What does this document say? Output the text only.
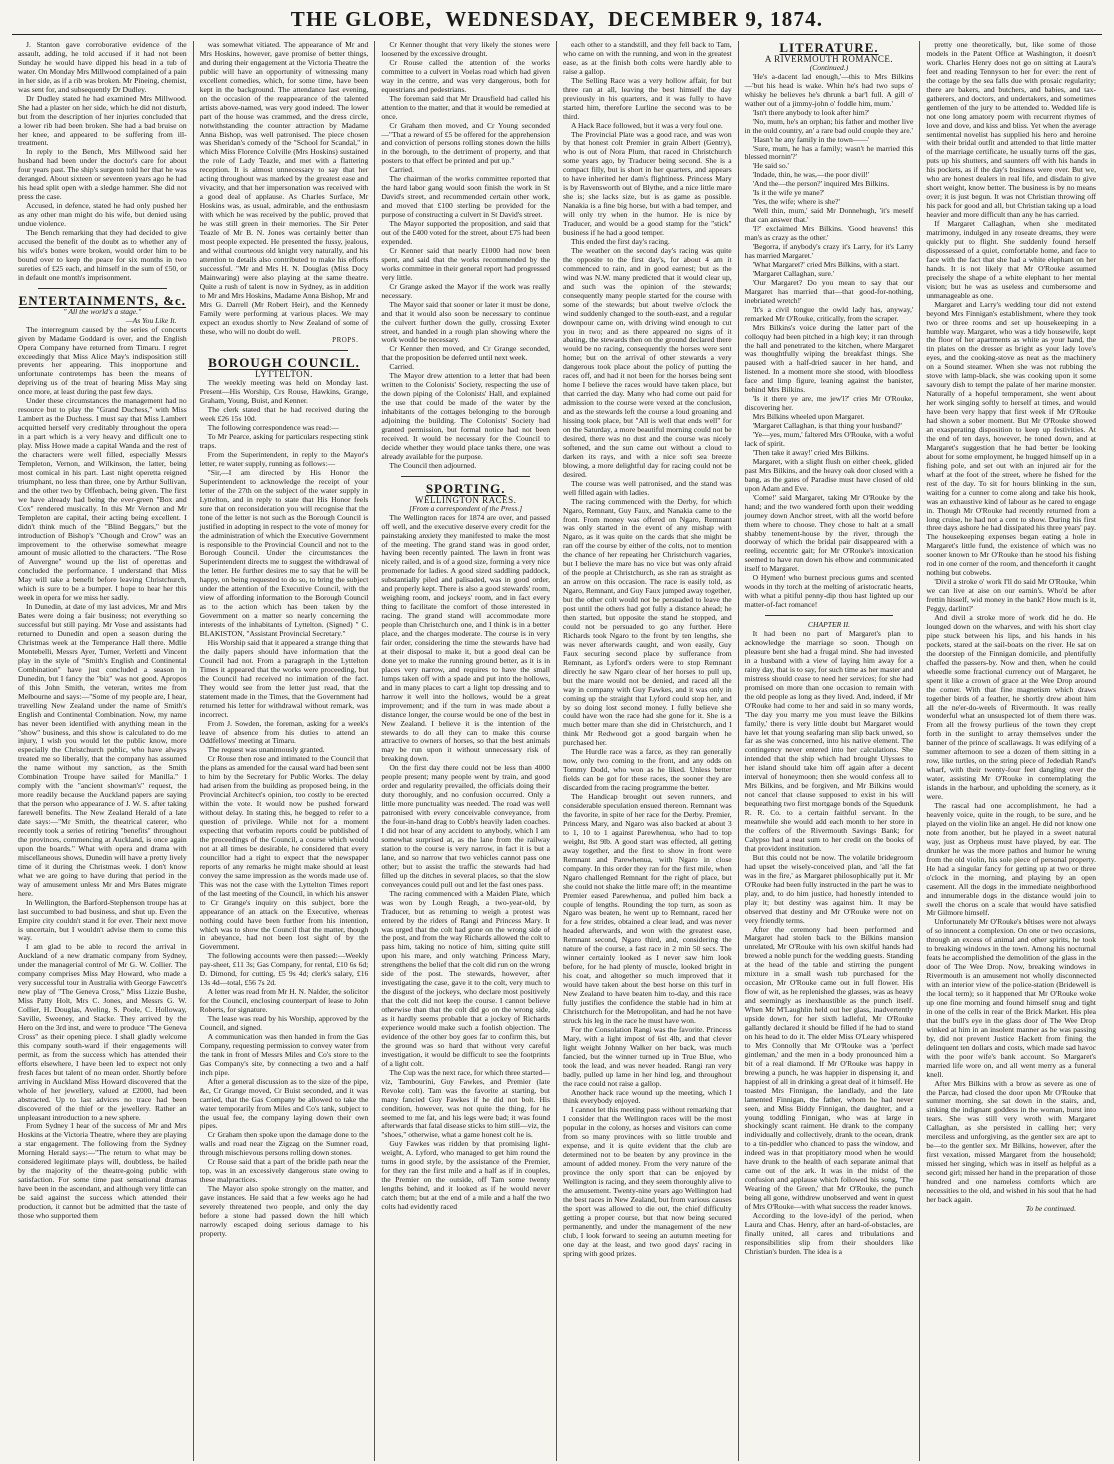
THE GLOBE,
WEDNESDAY,
DECEMBER 9, 1874.

J. Stanton gave corroborative evidence of the assault, adding, he told accused if it had not been Sunday he would have dipped his head in a tub of water. On Monday Mrs Millwood complained of a pain in her side, as if a rib was broken. Mr Pineing, chemist, was sent for, and subsequently Dr Dudley.

Dr Dudley stated he had examined Mrs Millwood. She had a plaster on her side, which he did not disturb, but from the description of her injuries concluded that a lower rib had been broken. She had a bad bruise on her knee, and appeared to be suffering from ill-treatment.

In reply to the Bench, Mrs Millwood said her husband had been under the doctor's care for about four years past. The ship's surgeon told her that he was deranged. About sixteen or seventeen years ago he had his head split open with a sledge hammer. She did not press the case.

Accused, in defence, stated he had only pushed her as any other man might do his wife, but denied using undue violence.

The Bench remarking that they had decided to give accused the benefit of the doubt as to whether any of his wife's bones were broken, would order him to be bound over to keep the peace for six months in two sureties of £25 each, and himself in the sum of £50, or in default one month's imprisonment.

ENTERTAINMENTS, &c.

" All the world's a stage."

—As You Like It.

The interregnum caused by the series of concerts given by Madame Goddard is over, and the English Opera Company have returned from Timaru. I regret exceedingly that Miss Alice May's indisposition still prevents her appearing. This inopportune and unfortunate contretemps has been the means of depriving us of the treat of hearing Miss May sing once more, at least during the past few days.

Under these circumstances the management had no resource but to play the "Grand Duchess," with Miss Lambert as the Duchess. I must say that Miss Lambert acquitted herself very creditably throughout the opera in a part which is a very heavy and difficult one to play. Miss Howe made a capital Wanda and the rest of the characters were well filled, especially Messrs Templeton, Vernon, and Wilkinson, the latter, being most comical in his part. Last night operetta reigned triumphant, no less than three, one by Arthur Sullivan, and the other two by Offenbach, being given. The first we have already had being the ever-green "Box and Cox" rendered musically. In this Mr Vernon and Mr Templeton are capital, their acting being excellent. I didn't think much of the "Blind Beggars," but the introduction of Bishop's "Chough and Crow" was an improvement to the otherwise somewhat meagre amount of music allotted to the characters. "The Rose of Auvergne" wound up the list of operettas and concluded the performance. I understand that Miss May will take a benefit before leaving Christchurch, which is sure to be a bumper. I hope to hear her this week in opera for we miss her sadly.

In Dunedin, at date of my last advices, Mr and Mrs Bates were doing a fair business; not everything so successful but still paying. Mr Vose and assistants had returned to Dunedin and open a season during the Christmas week at the Temperance Hall there. Mdlle Montebelli, Messrs Ayer, Turner, Verletti and Vincent play in the style of "Smith's English and Continental Combination" have just concluded a season in Dunedin, but I fancy the "biz" was not good. Apropos of this John Smith, the veteran, writes me from Melbourne and says:—"Some of my people are, I hear, travelling New Zealand under the name of Smith's English and Continental Combination. Now, my name has never been identified with anything mean in the "show" business, and this show is calculated to do me injury, I wish you would let the public know, more especially the Christchurch public, who have always treated me so liberally, that the company has assumed the name without my sanction, as the Smith Combination Troupe have sailed for Manilla." I comply with the "ancient showman's" request, the more readily because the Auckland papers are saying that the person who appearance of J. W. S. after taking farewell benefits. The New Zealand Herald of a late date says:—"Mr Smith, the theatrical caterer, who recently took a series of retiring "benefits" throughout the provinces, commencing at Auckland, is once again upon the boards." What with opera and drama with miscellaneous shows, Dunedin will have a pretty lively time of it during the Christmas week. I don't know what we are going to have during that period in the way of amusement unless Mr and Mrs Bates migrate here.

In Wellington, the Barford-Stephenson troupe has at last succumbed to bad business, and shut up. Even the Empire city couldn't stand it for ever. Their next move is uncertain, but I wouldn't advise them to come this way.

I am glad to be able to record the arrival in Auckland of a new dramatic company from Sydney, under the managerial control of Mr G. W. Collier. The company comprises Miss May Howard, who made a very successful tour in Australia with George Fawcett's new play of "The Geneva Cross," Miss Lizzie Bushe, Miss Patty Holt, Mrs C. Jones, and Messrs G. W. Collier, H. Douglas, Aveling, S. Poole, C. Holloway, Saville, Sweeney, and Stacke. They arrived by the Hero on the 3rd inst, and were to produce "The Geneva Cross" as their opening piece. I shall gladly welcome this company south-ward if their engagements will permit, as from the success which has attended their efforts elsewhere, I have been led to expect not only fresh faces but talent of no mean order. Shortly before arriving in Auckland Miss Howard discovered that the whole of her jewellery, valued at £2000, had been abstracted. Up to last advices no trace had been discovered of the thief or the jewellery. Rather an unpleasant introduction to a new sphere.

From Sydney I hear of the success of Mr and Mrs Hoskins at the Victoria Theatre, where they are playing a star engagement. The following from the Sydney Morning Herald says:—"The return to what may be considered legitimate plays will, doubtless, be hailed by the majority of the theatre-going public with satisfaction. For some time past sensational dramas have been in the ascendant, and although very little can be said against the success which attended their production, it cannot but be admitted that the taste of those who supported them

was somewhat vitiated. The appearance of Mr and Mrs Hoskins, however, gave promise of better things, and during their engagement at the Victoria Theatre the public will have an opportunity of witnessing many excellent comedies, which, for some time, have been kept in the background. The attendance last evening, on the occasion of the reappearance of the talented artists above-named, was very good indeed. The lower part of the house was crammed, and the dress circle, notwithstanding the counter attraction by Madame Anna Bishop, was well patronised. The piece chosen was Sheridan's comedy of the "School for Scandal," in which Miss Florence Colville (Mrs Hoskins) sustained the role of Lady Teazle, and met with a flattering reception. It is almost unnecessary to say that her acting throughout was marked by the greatest ease and vivacity, and that her impersonation was received with a good deal of applause. As Charles Surface, Mr Hoskins was, as usual, admirable, and the enthusiasm with which he was received by the public, proved that he was still green in their memories. The Sir Peter Teazle of Mr B. N. Jones was certainly better than most people expected. He presented the fussy, jealous, and withal courteous old knight very naturally, and his attention to details also contributed to make his efforts successful. "Mr and Mrs H. N. Douglas (Miss Docy Mainwaring) were also playing at the same theatre. Quite a rush of talent is now in Sydney, as in addition to Mr and Mrs Hoskins, Madame Anna Bishop, Mr and Mrs G. Darrell (Mr Robert Heir), and the Kennedy Family were performing at various places. We may expect an exodus shortly to New Zealand of some of these, who will no doubt do well.

PROPS.

BOROUGH COUNCIL.

LYTTELTON.

The weekly meeting was held on Monday last. Present—His Worship, Crs Rouse, Hawkins, Grange, Graham, Young, Buist, and Kenner.

The clerk stated that he had received during the week £26 15s 10d.

The following correspondence was read:—

To Mr Pearce, asking for particulars respecting stink traps.

From the Superintendent, in reply to the Mayor's letter, re water supply, running as follows:—

"Sir,—I am directed by His Honor the Superintendent to acknowledge the receipt of your letter of the 27th on the subject of the water supply in Lyttelton, and in reply to state that His Honor feels sure that on reconsideration you will recognise that the tone of the letter is not such as the Borough Council is justified in adopting in respect to the vote of money for the administration of which the Executive Government is responsible to the Provincial Council and not to the Borough Council. Under the circumstances the Superintendent directs me to suggest the withdrawal of the letter. He further desires me to say that he will be happy, on being requested to do so, to bring the subject under the attention of the Executive Council, with the view of affording information to the Borough Council as to the action which has been taken by the Government on a matter so nearly concerning the interests of the inhabitants of Lyttelton. (Signed) " C. BLAKISTON, "Assistant Provincial Secretary."

His Worship said that it appeared a strange thing that the daily papers should have information that the Council had not. From a paragraph in the Lyttelton Times it appeared that the works were proceeding, but the Council had received no intimation of the fact. They would see from the letter just read, that the statement made in the Times, that the Government had returned his letter for withdrawal without remark, was incorrect.

From J. Sowden, the foreman, asking for a week's leave of absence from his duties to attend an Oddfellows' meeting at Timaru.

The request was unanimously granted.

Cr Rouse then rose and intimated to the Council that the plans as amended for the causal ward had been sent to him by the Secretary for Public Works. The delay had arisen from the building as proposed being, in the Provincial Architect's opinion, too costly to be erected within the vote. It would now be pushed forward without delay. In stating this, he begged to refer to a question of privilege. While not for a moment expecting that verbatim reports could be published of the proceedings of the Council, a course which would not at all times be desirable, he considered that every councillor had a right to expect that the newspaper reports of any remarks he might make should at least convey the same impression as the words made use of. This was not the case with the Lyttelton Times report of the last meeting of the Council, in which his answer to Cr Grange's inquiry on this subject, bore the appearance of an attack on the Executive, whereas nothing could have been further from his intention, which was to show the Council that the matter, though in abeyance, had not been lost sight of by the Government.

The following accounts were then passed:—Weekly pay-sheet, £11 3s; Gas Company, for rental, £10 6s 6d; D. Dimond, for cutting, £5 9s 4d; clerk's salary, £16 13s 4d—total, £56 7s 2d.

A letter was read from Mr H. N. Nalder, the solicitor for the Council, enclosing counterpart of lease to John Roberts, for signature.

The lease was read by his Worship, approved by the Council, and signed.

A communication was then handed in from the Gas Company, requesting permission to convey water from the tank in front of Messrs Miles and Co's store to the Gas Company's site, by connecting a two and a half inch pipe.

After a general discussion as to the size of the pipe, &c, Cr Grange moved, Cr Buist seconded, and it was carried, that the Gas Company be allowed to take the water temporarily from Miles and Co's tank, subject to the usual fee, the company laying down their own pipes.

Cr Graham then spoke upon the damage done to the walls and road near the Zigzag on the Sumner road, through mischievous persons rolling down stones.

Cr Rouse said that a part of the bridle path near the top, was in an excessively dangerous state owing to these malpractices.

The Mayor also spoke strongly on the matter, and gave instances. He said that a few weeks ago he had severely threatened two people, and only the day before a stone had passed down the hill which narrowly escaped doing serious damage to his property.

Cr Kenner thought that very likely the stones were loosened by the excessive drought.

Cr Rouse called the attention of the works committee to a culvert in Voelas road which had given way in the centre, and was very dangerous, both for equestrians and pedestrians.

The foreman said that Mr Drausfield had called his attention to the matter, and that it would be remedied at once.

Cr Graham then moved, and Cr Young seconded—"That a reward of £5 be offered for the apprehension and conviction of persons rolling stones down the hills in the borough, to the detriment of property, and that posters to that effect be printed and put up."

Carried.

The chairman of the works committee reported that the hard labor gang would soon finish the work in St David's street, and recommended certain other work, and moved that £100 sterling be provided for the purpose of constructing a culvert in St David's street.

The Mayor supported the proposition, and said that out of the £400 voted for the street, about £75 had been expended.

Cr Kenner said that nearly £1000 had now been spent, and said that the works recommended by the works committee in their general report had progressed very little.

Cr Grange asked the Mayor if the work was really necessary.

The Mayor said that sooner or later it must be done, and that it would also soon be necessary to continue the culvert further down the gully, crossing Exeter street, and handed in a rough plan showing where the work would be necessary.

Cr Kenner then moved, and Cr Grange seconded, that the proposition be deferred until next week.

Carried.

The Mayor drew attention to a letter that had been written to the Colonists' Society, respecting the use of the down piping of the Colonists' Hall, and explained the use that could be made of the water by the inhabitants of the cottages belonging to the borough adjoining the building. The Colonists' Society had granted permission, but formal notice had not been received. It would be necessary for the Council to decide whether they would place tanks there, one was already available for the purpose.

The Council then adjourned.

SPORTING.

WELLINGTON RACES.

[From a correspondent of the Press.]

The Wellington races for 1874 are over, and passed off well, and the executive deserve every credit for the painstaking anxiety they manifested to make the most of the meeting. The grand stand was in good order, having been recently painted. The lawn in front was nicely railed, and is of a good size, forming a very nice promenade for ladies. A good sized saddling paddock, substantially piled and palisaded, was in good order, and properly kept. There is also a good stewards' room, weighing room, and jockeys' room, and in fact every thing to facilitate the comfort of those interested in racing. The grand stand will accommodate more people than Christchurch one, and I think is in a better place, and the charges moderate. The course is in very fair order, considering the time the stewards have had at their disposal to make it, but a good deal can be done yet to make the running ground better, as it is in places very narrow, and requires to have the small lumps taken off with a spade and put into the hollows, and in many places to cart a light top dressing and to harrow it well into the hollows, would be a great improvement; and if the turn in was made about a distance longer, the course would be one of the best in New Zealand. I believe it is the intention of the stewards to do all they can to make this course attractive to owners of horses, so that the best animals may be run upon it without unnecessary risk of breaking down.

On the first day there could not be less than 4000 people present; many people went by train, and good order and regularity prevailed, the officials doing their duty thoroughly, and no confusion occurred. Only a little more punctuality was needed. The road was well patronised with every conceivable conveyance, from the four-in-hand drag to Cobb's heavily laden coaches. I did not hear of any accident to anybody, which I am somewhat surprised at, as the lane from the railway station to the course is very narrow, in fact it is but a lane, and so narrow that two vehicles cannot pass one other; but to assist the traffic the stewards had had filled up the ditches in several places, so that the slow conveyances could pull out and let the fast ones pass.

The racing commenced with a Maiden Plate, which was won by Lough Reagh, a two-year-old, by Traducer, but as returning to weigh a protest was entered by the riders of Rangi and Princess Mary. It was urged that the colt had gone on the wrong side of the post, and from the way Richards allowed the colt to pass him, taking no notice of him, sitting quite still upon his mare, and only watching Princess Mary, strengthens the belief that the colt did run on the wrong side of the post. The stewards, however, after investigating the case, gave it to the colt, very much to the disgust of the jockeys, who declare most positively that the colt did not keep the course. I cannot believe otherwise than that the colt did go on the wrong side, as it hardly seems probable that a jockey of Richards experience would make such a foolish objection. The evidence of the other boy goes far to confirm this, but the ground was so hard that without very careful investigation, it would be difficult to see the footprints of a light colt.

The Cup was the next race, for which three started—viz, Tambourini, Guy Fawkes, and Premier (late Revoke colt). Tam was the favorite at starting, but many fancied Guy Fawkes if he did not bolt. His condition, however, was not quite the thing, for he seemed to me fat, and his legs were bad; it was found afterwards that fatal disease sticks to him still—viz, the "shoes," otherwise, what a game honest colt he is.

Guy Fawkes was ridden by that promising light-weight, A. Lyford, who managed to get him round the turns in good style, by the assistance of the Premier, for they ran the first mile and a half as if in couples, the Premier on the outside, off Tam some twenty lengths behind, and it looked as if he would never catch them; but at the end of a mile and a half the two colts had evidently raced

each other to a standstill, and they fell back to Tam, who came on with the running, and won in the greatest ease, as at the finish both colts were hardly able to raise a gallop.

The Selling Race was a very hollow affair, for but three ran at all, leaving the best himself the day previously in his quarters, and it was fully to have started him, therefore Lurline the second was to be third.

A Hack Race followed, but it was a very foul one.

The Provincial Plate was a good race, and was won by that honest colt Premier in grain Albert (Gentry), who is out of Nora Plum, that raced in Christchurch some years ago, by Traducer being second. She is a compact filly, but is short in her quarters, and appears to have inherited her dam's flightiness. Princess Mary is by Ravensworth out of Blythe, and a nice little mare she is; she lacks size, but is as game as possible. Nanakia is a fine big horse, but with a bad temper, and will only try when in the humor. He is nice by Traducer, and would be a good stamp for the "stick" business if he had a good temper.

This ended the first day's racing.

The weather on the second day's racing was quite the opposite to the first day's, for about 4 am it commenced to rain, and in good earnest; but as the wind was N.W. many predicted that it would clear up, and such was the opinion of the stewards; consequently many people started for the course with some of the stewards; but about twelve o'clock the wind suddenly changed to the south-east, and a regular downpour came on, with driving wind enough to cut you in two; and as there appeared no signs of it abating, the stewards then on the ground declared there would be no racing, consequently the horses were sent home; but on the arrival of other stewards a very dangerous took place about the policy of putting the races off, and had it not been for the horses being sent home I believe the races would have taken place, but that carried the day. Many who had come out paid for admission to the course were vexed at the conclusion, and as the stewards left the course a loud groaning and hissing took place, but "All is well that ends well" for on the Saturday, a more beautiful morning could not be desired, there was no dust and the course was nicely softened, and the sun came out without a cloud to darken its rays, and with a nice soft sea breeze blowing, a more delightful day for racing could not be desired.

The course was well patronised, and the stand was well filled again with ladies.

The racing commenced with the Derby, for which Ngaro, Remnant, Guy Faux, and Nanakia came to the front. From money was offered on Ngaro, Remnant was only started in the event of any mishap with Ngaro, as it was quite on the cards that she might be ran off the course by either of the colts, not to mention the chance of her repeating her Christchurch vagaries, but I believe the mare has no vice but was only afraid of the people at Christchurch, as she ran as straight as an arrow on this occasion. The race is easily told, as Ngaro, Remnant, and Guy Faux jumped away together, but the other colt would not be persuaded to leave the post until the others had got fully a distance ahead; he then started, but opposite the stand he stopped, and could not be persuaded to go any further. Here Richards took Ngaro to the front by ten lengths, she was never afterwards caught, and won easily, Guy Faux securing second place by sufferance from Remnant, as Lyford's orders were to stop Remnant directly he saw Ngaro clear of her horses to pull up, but the mare would not be denied, and raced all the way in company with Guy Fawkes, and it was only in coming up the straight that Lyford could stop her, and by so doing lost second money. I fully believe she could have won the race had she gone for it. She is a much better mare than she did in Christchurch, and I think Mr Redwood got a good bargain when he purchased her.

The Hurdle race was a farce, as they ran generally now, only two coming to the front, and any odds on Tommy Dodd, who won as he liked. Unless better fields can be got for these races, the sooner they are discarded from the racing programme the better.

The Handicap brought out seven runners, and considerable speculation ensued thereon. Remnant was the favorite, in spite of her race for the Derby. Premier, Princess Mary, and Ngaro was also backed at about 3 to 1, 10 to 1 against Parewhenua, who had to top weight, 8st 9lb. A good start was effected, all getting away together, and the first to show in front were Remnant and Parewhenua, with Ngaro in close company. In this order they ran for the first mile, when Ngaro challenged Remnant for the right of place, but she could not shake the little mare off; in the meantime Premier eased Parewhenua, and pulled him back a couple of lengths. Rounding the top turn, as soon as Ngaro was beaten, he went up to Remnant, raced her for a few strides, obtained a clear lead, and was never headed afterwards, and won with the greatest ease, Remnant second, Ngaro third, and, considering the nature of the course, a fast race in 2 min 50 secs. The winner certainly looked as I never saw him look before, for he had plenty of muscle, looked bright in his coat, and altogether so much improved that it would have taken about the best horse on this turf in New Zealand to have beaten him to-day, and this race fully justifies the confidence the stable had in him at Christchurch for the Metropolitan, and had he not have struck his leg in the race he must have won.

For the Consolation Rangi was the favorite. Princess Mary, with a light impost of 6st 4lb, and that clever light weight Johnny Walker on her back, was much fancied, but the winner turned up in True Blue, who took the lead, and was never headed. Rangi ran very badly, pulled up lame in her hind leg, and throughout the race could not raise a gallop.

Another hack race wound up the meeting, which I think everybody enjoyed.

I cannot let this meeting pass without remarking that I consider that the Wellington races will be the most popular in the colony, as horses and visitors can come from so many provinces with so little trouble and expense, and it is quite evident that the club are determined not to be beaten by any province in the amount of added money. From the very nature of the province the only sport that can be enjoyed by Wellington is racing, and they seem thoroughly alive to the amusement. Twenty-nine years ago Wellington had the best races in New Zealand, but from various causes the sport was allowed to die out, the chief difficulty getting a proper course, but that now being secured permanently, and under the management of the new club, I look forward to seeing an autumn meeting for one day at the least, and two good days' racing in spring with good prizes.

LITERATURE.

A RIVERMOUTH ROMANCE.

(Continued.)

'He's a-dacent lad enough,'—this to Mrs Bilkins—'but his head is wake. Whin he's had two sups o' whisky he believes he's dhrunk a bar'l full. A gill o' wather out of a jimmy-john o' foddle him, mum.'

'Isn't there anybody to look after him?'

'No, mum, he's an orphan; his father and mother live in the ould country, an' a rare bad ould couple they are.'

'Hasn't he any family in the town——'

'Sure, mum, he has a family; wasn't he married this blessed mornin'?'

'He said so.'

'Indade, thin, he was,—the poor divil!'

'And the—the person?' inquired Mrs Bilkins.

'Is it the wife ye mane?'

'Yes, the wife; where is she?'

'Well thin, mum,' said Mr Donnehugh, 'it's meself that can answer that.'

'I?' exclaimed Mrs Bilkins. 'Good heavens! this man's as crazy as the other.'

'Begorra, if anybody's crazy it's Larry, for it's Larry has married Margaret.'

'What Margaret?' cried Mrs Bilkins, with a start.

'Margaret Callaghan, sure.'

'Our Margaret? Do you mean to say that our Margaret has married that—that good-for-nothing, inebriated wretch!'

'It's a civil tongue the owld lady has, anyway,' remarked Mr O'Rouke, critically, from the scraper.

Mrs Bilkins's voice during the latter part of the colloquy had been pitched in a high key; it ran through the hall and penetrated to the kitchen, where Margaret was thoughtfully wiping the breakfast things. She paused with a half-dried saucer in her hand, and listened. In a moment more she stood, with bloodless face and limp figure, leaning against the banister, behind Mrs Bilkins.

'Is it there ye are, me jew'l?' cries Mr O'Rouke, discovering her.

Mrs Bilkins wheeled upon Margaret.

'Margaret Callaghan, is that thing your husband?'

'Ye—yes, mum,' faltered Mrs O'Rouke, with a woful lack of spirit.

'Then take it away!' cried Mrs Bilkins.

Margaret, with a slight flush on either cheek, glided past Mrs Bilkins, and the heavy oak door closed with a bang, as the gates of Paradise must have closed of old upon Adam and Eve.

'Come!' said Margaret, taking Mr O'Rouke by the hand; and the two wandered forth upon their wedding journey down Anchor street, with all the world before them where to choose. They chose to halt at a small shabby tenement-house by the river, through the doorway of which the bridal pair disappeared with a reeling, eccentric gait; for Mr O'Rouke's intoxication seemed to have run down his elbow and communicated itself to Margaret.

O Hymen! who burnest precious gums and scented woods in thy torch at the melting of aristocratic hearts, with what a pitiful penny-dip thou hast lighted up our matter-of-fact romance!

CHAPTER II.

It had been no part of Margaret's plan to acknowledge the marriage so soon. Though on pleasure bent she had a frugal mind. She had invested in a husband with a view of laying him away for a rainy day, that is to say, for such time as her master and mistress should cease to need her services; for she had promised on more than one occasion to remain with the old people as long as they lived. And, indeed, if Mr O'Rouke had come to her and said in so many words, 'The day you marry me you must leave the Bilkins family,' there is very little doubt but Margaret would have let that young seafaring man slip back unwed, so far as she was concerned, into his native element. The contingency never entered into her calculations. She intended that the ship which had brought Ulysses to her island should take him off again after a decent interval of honeymoon; then she would confess all to Mrs Bilkins, and be forgiven, and Mr Bilkins would not cancel that clause supposed to exist in his will bequeathing two first mortgage bonds of the Squedunk R. R. Co. to a certain faithful servant. In the meanwhile she would add each month to her store in the coffers of the Rivermouth Savings Bank; for Calypso had a neat sum to her credit on the books of that provident institution.

But this could not be now. The volatile bridegroom had upset the wisely-conceived plan, and 'all the fat was in the fire,' as Margaret philosophically put it. Mr O'Rouke had been fully instructed in the part he was to play, and, to do him justice, had honestly intended to play it; but destiny was against him. It may be observed that destiny and Mr O'Rouke were not on very friendly terms.

After the ceremony had been performed and Margaret had stolen back to the Bilkins mansion unrelated, Mr O'Rouke with his own skilful hands had brewed a noble punch for the wedding guests. Standing at the head of the table and stirring the pungent mixture in a small wash tub purchased for the occasion, Mr O'Rouke came out in full flower. His flow of wit, as he replenished the glasses, was as heavy and seemingly as inexhaustible as the punch itself. When Mr M'Laughlin held out her glass, inadvertently upside down, for her sixth ladleful, Mr O'Rouke gallantly declared it should be filled if he had to stand on his head to do it. The elder Miss O'Leary whispered to Mrs Connolly that Mr O'Rouke was a 'perfect gintleman,' and the men in a body pronounced him a bit of a real diamond. If Mr O'Rouke was happy in brewing a punch, he was happier in dispensing it, and happiest of all in drinking a great deal of it himself. He toasted Mrs Finnigan, the landlady, and the late lamented Finnigan, the father, whom he had never seen, and Miss Biddy Finnigan, the daughter, and a young toddling Finnigan, who was at large in shockingly scant raiment. He drank to the company individually and collectively, drank to the ocean, drank to a tin-peddler who chanced to pass the window, and indeed was in that propitiatory mood when he would have drunk to the health of each separate animal that came out of the ark. It was in the midst of the confusion and applause which followed his song, 'The Wearing of the Green,' that Mr O'Rouke, the punch being all gone, withdrew unobserved and went in quest of Mrs O'Rouke—with what success the reader knows.

According to the love-idyl of the period, when Laura and Chas. Henry, after an hard-of-obstacles, are finally united, all cares and tribulations and responsibilities slip from their shoulders like Christian's burden. The idea is a

pretty one theoretically, but, like some of those models in the Patent Office at Washington, it doesn't work. Charles Henry does not go on sitting at Laura's feet and reading Tennyson to her for ever: the rent of the cottage by the sea falls due with prosaic regularity; there are bakers, and butchers, and babies, and tax-gatherers, and doctors, and undertakers, and sometimes gentlemen of the jury to be attended to. Wedded life is not one long amatory poem with recurrent rhymes of love and dove, and kiss and bliss. Yet when the average sentimental novelist has supplied his hero and heroine with their bridal outfit and attended to that little matter of the marriage certificate, he usually turns off the gas, puts up his shutters, and saunters off with his hands in his pockets, as if the day's business were over. But we, who are honest dealers in real life, and disdain to give short weight, know better. The business is by no means over; it is just begun. It was not Christian throwing off his pack for good and all, but Christian taking up a load heavier and more difficult than any he has carried.

If Margaret Callaghan, when she meditated matrimony, indulged in any roseate dreams, they were quickly put to flight. She suddenly found herself dispossessed of a quiet, comfortable home, and face to face with the fact that she had a white elephant on her hands. It is not likely that Mr O'Rouke assumed precisely the shape of a white elephant to her mental vision; but he was as useless and cumbersome and unmanageable as one.

Margaret and Larry's wedding tour did not extend beyond Mrs Finnigan's establishment, where they took two or three rooms and set up housekeeping in a humble way. Margaret, who was a tidy housewife, kept the floor of her apartments as white as your hand, the tin plates on the dresser as bright as your lady love's eyes, and the cooking-stove as neat as the machinery on a Sound steamer. When she was not rubbing the stove with lamp-black, she was cooking upon it some savoury dish to tempt the palate of her marine monster. Naturally of a hopeful temperament, she went about her work singing softly to herself at times, and would have been very happy that first week if Mr O'Rouke had shown a sober moment. But Mr O'Rouke showed an exasperating disposition to keep up festivities. At the end of ten days, however, he toned down, and at Margaret's suggestion that he had better be looking about for some employment, he hugged himself up in a fishing pole, and set out with an injured air for the wharf at the foot of the street, where he fished for the rest of the day. To sit for hours blinking in the sun, waiting for a cunner to come along and take his hook, was an exhaustive kind of labour as he cared to engage in. Though Mr O'Rouke had recently returned from a long cruise, he had not a cent to show. During his first three days ashore he had dissipated his three years' pay. The housekeeping expenses began eating a hole in Margaret's little fund, the existence of which was no sooner known to Mr O'Rouke than he stood his fishing rod in one corner of the room, and thenceforth it caught nothing but cobwebs.

'Divil a stroke o' work I'll do said Mr O'Rouke, 'whin we can live at aise on our earnin's. Who'd be after frettin hisself, wid money in the bank? How much is it, Peggy, darlint?'

And divil a stroke more of work did he do. He lounged down on the wharves, and with his short clay pipe stuck between his lips, and his hands in his pockets, stared at the sail-boats on the river. He sat on the doorstep of the Finnigan domicile, and plentifully chaffed the passers-by. Now and then, when he could wheedle some fractional currency out of Margaret, he spent it like a crown of grace at the Wee Drop around the corner. With that fine magnetism which draws together birds of a feather, he shortly drew about him all the ne'er-do-weels of Rivermouth. It was really wonderful what an unsuspected lot of them there was. From all the frowsy purlieus of the town they crept forth in the sunlight to array themselves under the banner of the prince of scallawags. It was edifying of a summer afternoon to see a dozen of them sitting in a row, like turtles, on the string piece of Jedediah Rand's wharf, with their twenty-four feet dangling over the water, assisting Mr O'Rouke in contemplating the islands in the harbour, and upholding the scenery, as it were.

The rascal had one accomplishment, he had a heavenly voice, quite in the rough, to be sure, and he played on the violin like an angel. He did not know one note from another, but he played in a sweet natural way, just as Orpheus must have played, by ear. The drunker he was the more pathos and humor he wrung from the old violin, his sole piece of personal property. He had a singular fancy for getting up at two or three o'clock in the morning, and playing by an open casement. All the dogs in the immediate neighborhood and innumerable dogs in the distance would join to swell the chorus on a scale that would have satisfied Mr Gilmore himself.

Unfortunately Mr O'Rouke's bêtises were not always of so innocent a complexion. On one or two occasions, through an excess of animal and other spirits, he took to breaking windows in the town. Among his nocturnal feats he accomplished the demolition of the glass in the door of The Wee Drop. Now, breaking windows in Rivermouth is an amusement not wholly disconnected with an interior view of the police-station (Bridewell is the local term); so it happened that Mr O'Rouke woke up one fine morning and found himself snug and tight in one of the cells in rear of the Brick Market. His plea that the bull's eye in the glass door of The Wee Drop winked at him in an insolent manner as he was passing by, did not prevent Justice Hackett from fining the delinquent ten dollars and costs, which made sad havoc with the poor wife's bank account. So Margaret's married life wore on, and all went merry as a funeral knell.

After Mrs Bilkins with a brow as severe as one of the Parcæ, had closed the door upon Mr O'Rouke that summer morning, she sat down in the stairs, and, sinking the indignant goddess in the woman, burst into tears. She was still very wroth with Margaret Callaghan, as she persisted in calling her; very merciless and unforgiving, as the gentler sex are apt to be—to the gentler sex. Mr Bilkins, however, after the first vexation, missed Margaret from the household; missed her singing, which was in itself as helpful as a second girl; missed her hand in the preparation of those hundred and one nameless comforts which are necessities to the old, and wished in his soul that he had her back again.

To be continued.
